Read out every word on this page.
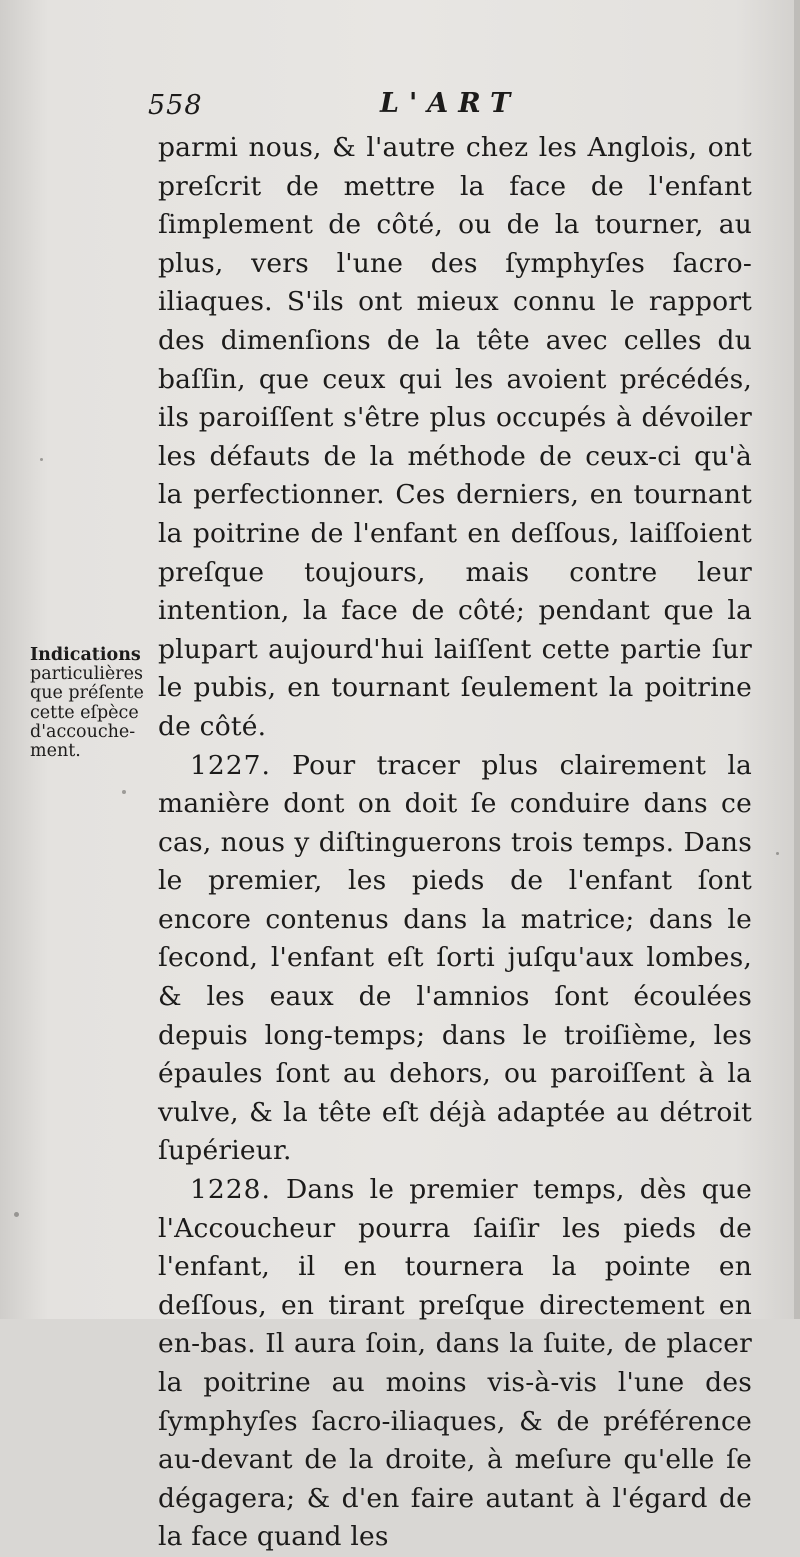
558	L'ART
Indications
particulières
que préſente
cette eſpèce
d'accouche-
ment.

parmi nous, & l'autre chez les Anglois, ont preſcrit de mettre la face de l'enfant ſimplement de côté, ou de la tourner, au plus, vers l'une des ſymphyſes ſacro-iliaques. S'ils ont mieux connu le rapport des dimenſions de la tête avec celles du baſſin, que ceux qui les avoient précédés, ils paroiſſent s'être plus occupés à dévoiler les défauts de la méthode de ceux-ci qu'à la perfectionner. Ces derniers, en tournant la poitrine de l'enfant en deſſous, laiſſoient preſque toujours, mais contre leur intention, la face de côté; pendant que la plupart aujourd'hui laiſſent cette partie ſur le pubis, en tournant ſeulement la poitrine de côté.

1227. Pour tracer plus clairement la manière dont on doit ſe conduire dans ce cas, nous y diſtinguerons trois temps. Dans le premier, les pieds de l'enfant ſont encore contenus dans la matrice; dans le ſecond, l'enfant eſt ſorti juſqu'aux lombes, & les eaux de l'amnios ſont écoulées depuis long-temps; dans le troiſième, les épaules ſont au dehors, ou paroiſſent à la vulve, & la tête eſt déjà adaptée au détroit ſupérieur.

1228. Dans le premier temps, dès que l'Accoucheur pourra ſaiſir les pieds de l'enfant, il en tournera la pointe en deſſous, en tirant preſque directement en en-bas. Il aura ſoin, dans la ſuite, de placer la poitrine au moins vis-à-vis l'une des ſymphyſes ſacro-iliaques, & de préférence au-devant de la droite, à meſure qu'elle ſe dégagera; & d'en faire autant à l'égard de la face quand les
